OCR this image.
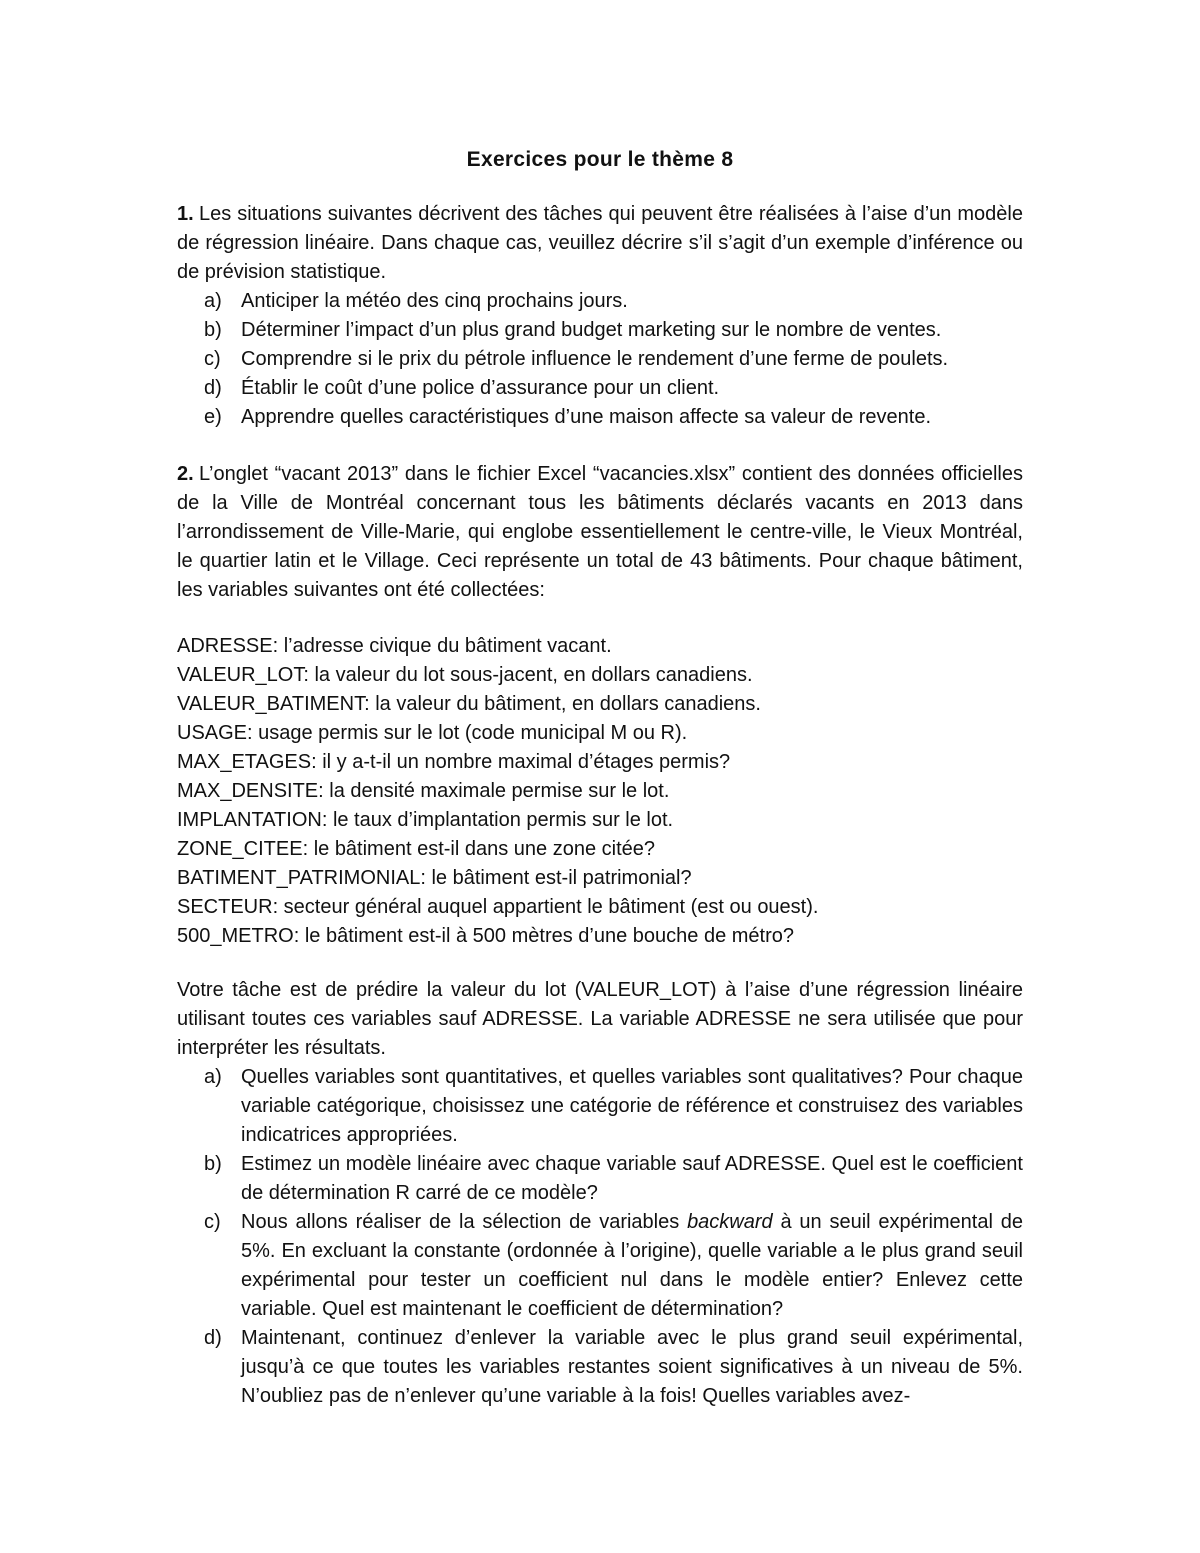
Exercices pour le thème 8
1. Les situations suivantes décrivent des tâches qui peuvent être réalisées à l’aise d’un modèle de régression linéaire. Dans chaque cas, veuillez décrire s’il s’agit d’un exemple d’inférence ou de prévision statistique.
a) Anticiper la météo des cinq prochains jours.
b) Déterminer l’impact d’un plus grand budget marketing sur le nombre de ventes.
c) Comprendre si le prix du pétrole influence le rendement d’une ferme de poulets.
d) Établir le coût d’une police d’assurance pour un client.
e) Apprendre quelles caractéristiques d’une maison affecte sa valeur de revente.
2. L’onglet “vacant 2013” dans le fichier Excel “vacancies.xlsx” contient des données officielles de la Ville de Montréal concernant tous les bâtiments déclarés vacants en 2013 dans l’arrondissement de Ville-Marie, qui englobe essentiellement le centre-ville, le Vieux Montréal, le quartier latin et le Village. Ceci représente un total de 43 bâtiments. Pour chaque bâtiment, les variables suivantes ont été collectées:
ADRESSE: l’adresse civique du bâtiment vacant.
VALEUR_LOT: la valeur du lot sous-jacent, en dollars canadiens.
VALEUR_BATIMENT: la valeur du bâtiment, en dollars canadiens.
USAGE: usage permis sur le lot (code municipal M ou R).
MAX_ETAGES: il y a-t-il un nombre maximal d’étages permis?
MAX_DENSITE: la densité maximale permise sur le lot.
IMPLANTATION: le taux d’implantation permis sur le lot.
ZONE_CITEE: le bâtiment est-il dans une zone citée?
BATIMENT_PATRIMONIAL: le bâtiment est-il patrimonial?
SECTEUR: secteur général auquel appartient le bâtiment (est ou ouest).
500_METRO: le bâtiment est-il à 500 mètres d’une bouche de métro?
Votre tâche est de prédire la valeur du lot (VALEUR_LOT) à l’aise d’une régression linéaire utilisant toutes ces variables sauf ADRESSE. La variable ADRESSE ne sera utilisée que pour interpréter les résultats.
a) Quelles variables sont quantitatives, et quelles variables sont qualitatives? Pour chaque variable catégorique, choisissez une catégorie de référence et construisez des variables indicatrices appropriées.
b) Estimez un modèle linéaire avec chaque variable sauf ADRESSE. Quel est le coefficient de détermination R carré de ce modèle?
c) Nous allons réaliser de la sélection de variables backward à un seuil expérimental de 5%. En excluant la constante (ordonnée à l’origine), quelle variable a le plus grand seuil expérimental pour tester un coefficient nul dans le modèle entier? Enlevez cette variable. Quel est maintenant le coefficient de détermination?
d) Maintenant, continuez d’enlever la variable avec le plus grand seuil expérimental, jusqu’à ce que toutes les variables restantes soient significatives à un niveau de 5%. N’oubliez pas de n’enlever qu’une variable à la fois! Quelles variables avez-
